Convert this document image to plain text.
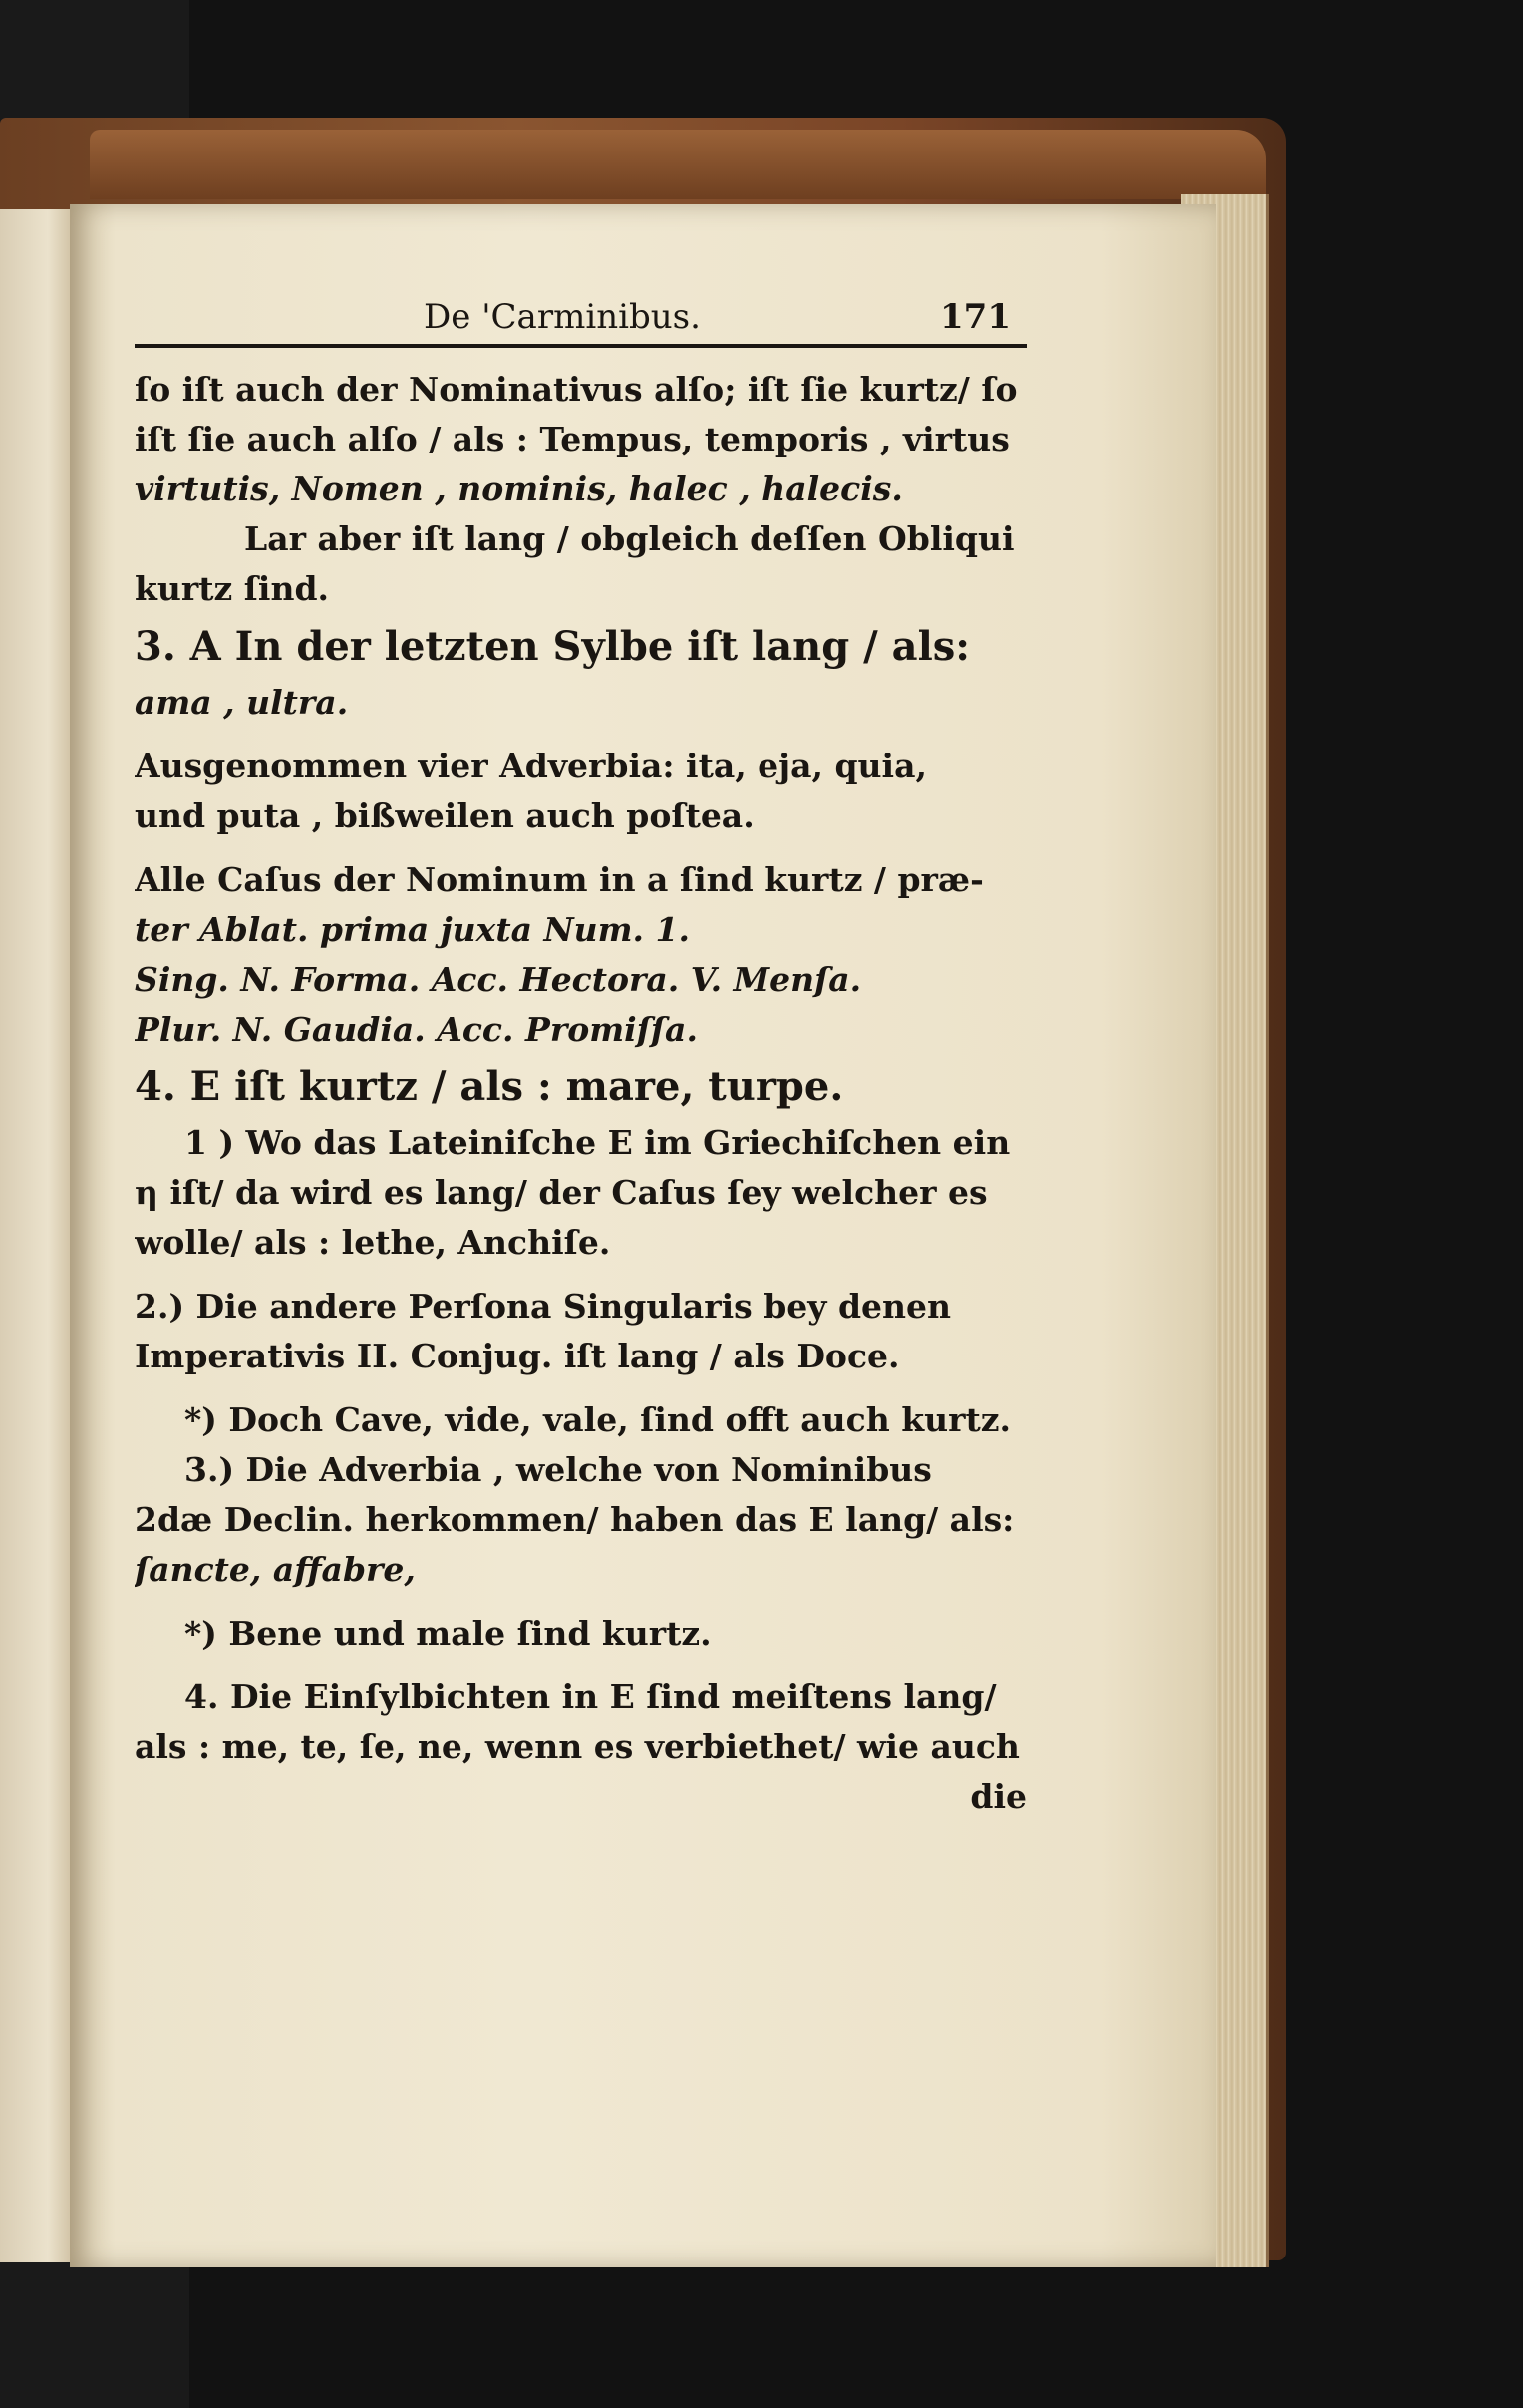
De 'Carminibus.	171
ſo iſt auch der Nominativus alſo; iſt ſie kurtz/ ſo
iſt ſie auch alſo / als : Tempus, temporis , virtus
virtutis, Nomen , nominis, halec , halecis.
Lar aber iſt lang / obgleich deſſen Obliqui
kurtz ſind.
3. A In der letzten Sylbe iſt lang / als:
ama , ultra.
Ausgenommen vier Adverbia: ita, eja, quia,
und puta , bißweilen auch poſtea.
Alle Caſus der Nominum in a ſind kurtz / præ-
ter Ablat. prima juxta Num. 1.
Sing. N. Forma. Acc. Hectora. V. Menſa.
Plur. N. Gaudia. Acc. Promiſſa.
4. E iſt kurtz / als : mare, turpe.
1 ) Wo das Lateiniſche E im Griechiſchen ein
η iſt/ da wird es lang/ der Caſus ſey welcher es
wolle/ als : lethe, Anchiſe.
2.) Die andere Perſona Singularis bey denen
Imperativis II. Conjug. iſt lang / als Doce.
*) Doch Cave, vide, vale, ſind offt auch kurtz.
3.) Die Adverbia , welche von Nominibus
2dæ Declin. herkommen/ haben das E lang/ als:
ſancte, affabre,
*) Bene und male ſind kurtz.
4. Die Einſylbichten in E ſind meiſtens lang/
als : me, te, ſe, ne, wenn es verbiethet/ wie auch
die
